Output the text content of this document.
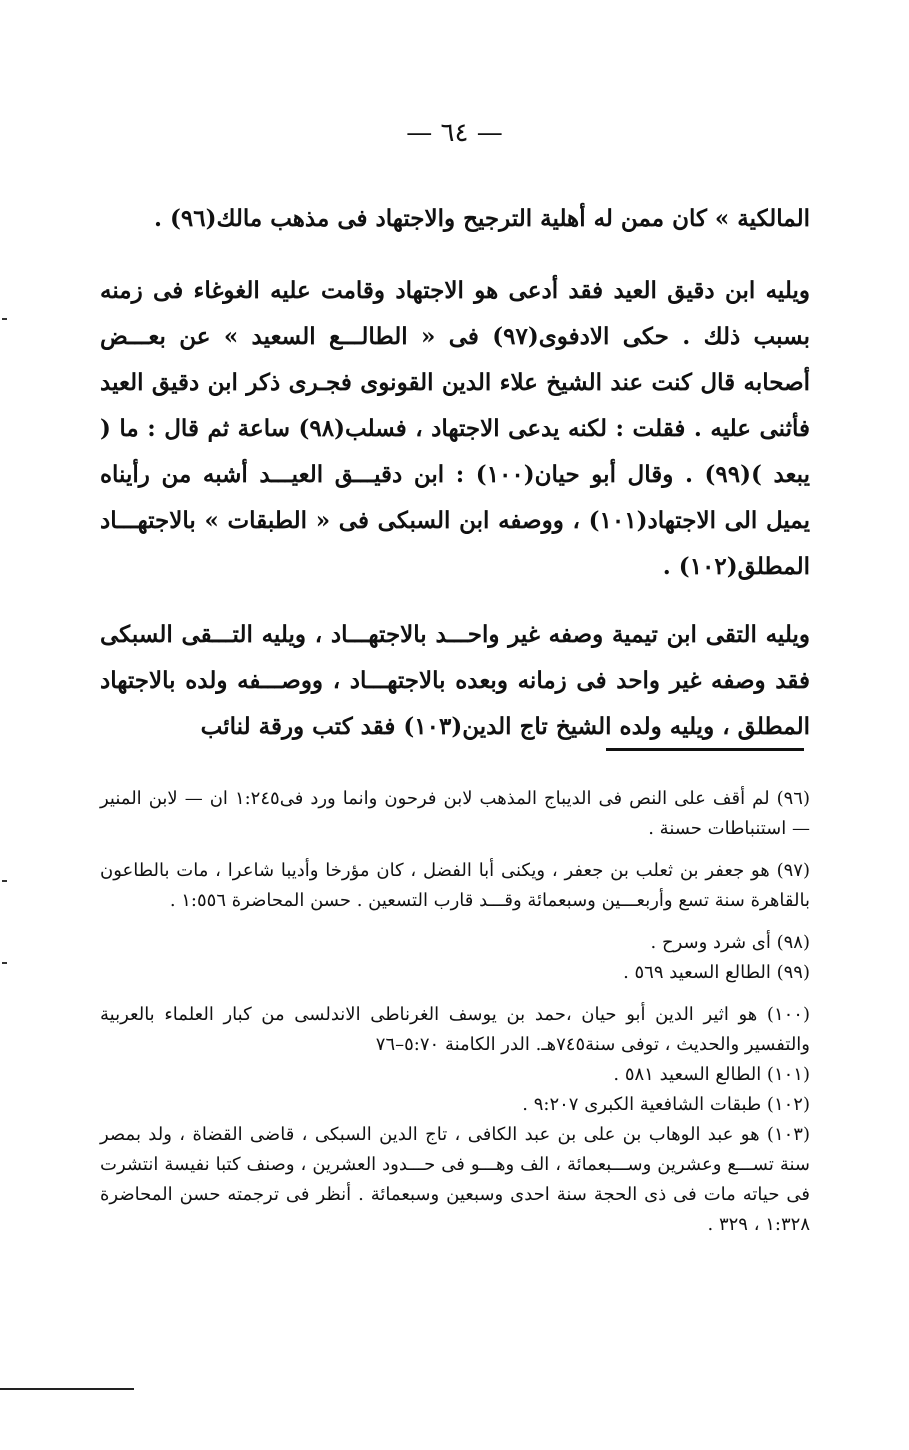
— ٦٤ —

المالكية » كان ممن له أهلية الترجيح والاجتهاد فى مذهب مالك(٩٦) .

ويليه ابن دقيق العيد فقد أدعى هو الاجتهاد وقامت عليه الغوغاء فى زمنه بسبب ذلك . حكى الادفوى(٩٧) فى « الطالـــع السعيد » عن بعـــض أصحابه قال كنت عند الشيخ علاء الدين القونوى فجـرى ذكر ابن دقيق العيد فأثنى عليه . فقلت : لكنه يدعى الاجتهاد ، فسلب(٩٨) ساعة ثم قال : ما ( يبعد )(٩٩) . وقال أبو حيان(١٠٠) : ابن دقيـــق العيـــد أشبه من رأيناه يميل الى الاجتهاد(١٠١) ، ووصفه ابن السبكى فى « الطبقات » بالاجتهـــاد المطلق(١٠٢) .

ويليه التقى ابن تيمية وصفه غير واحـــد بالاجتهـــاد ، ويليه التـــقى السبكى فقد وصفه غير واحد فى زمانه وبعده بالاجتهـــاد ، ووصـــفه ولده بالاجتهاد المطلق ، ويليه ولده الشيخ تاج الدين(١٠٣) فقد كتب ورقة لنائب

(٩٦) لم أقف على النص فى الديباج المذهب لابن فرحون وانما ورد فى١:٢٤٥ ان — لابن المنير — استنباطات حسنة .

(٩٧) هو جعفر بن ثعلب بن جعفر ، ويكنى أبا الفضل ، كان مؤرخا وأديبا شاعرا ، مات بالطاعون بالقاهرة سنة تسع وأربعـــين وسبعمائة وقـــد قارب التسعين . حسن المحاضرة ١:٥٥٦ .

(٩٨) أى شرد وسرح .

(٩٩) الطالع السعيد ٥٦٩ .

(١٠٠) هو اثير الدين أبو حيان ،حمد بن يوسف الغرناطى الاندلسى من كبار العلماء بالعربية والتفسير والحديث ، توفى سنة٧٤٥هـ. الدر الكامنة ٥:٧٠–٧٦

(١٠١) الطالع السعيد ٥٨١ .

(١٠٢) طبقات الشافعية الكبرى ٩:٢٠٧ .

(١٠٣) هو عبد الوهاب بن على بن عبد الكافى ، تاج الدين السبكى ، قاضى القضاة ، ولد بمصر سنة تســـع وعشرين وســـبعمائة ، الف وهـــو فى حـــدود العشرين ، وصنف كتبا نفيسة انتشرت فى حياته مات فى ذى الحجة سنة احدى وسبعين وسبعمائة . أنظر فى ترجمته حسن المحاضرة ١:٣٢٨ ، ٣٢٩ .
